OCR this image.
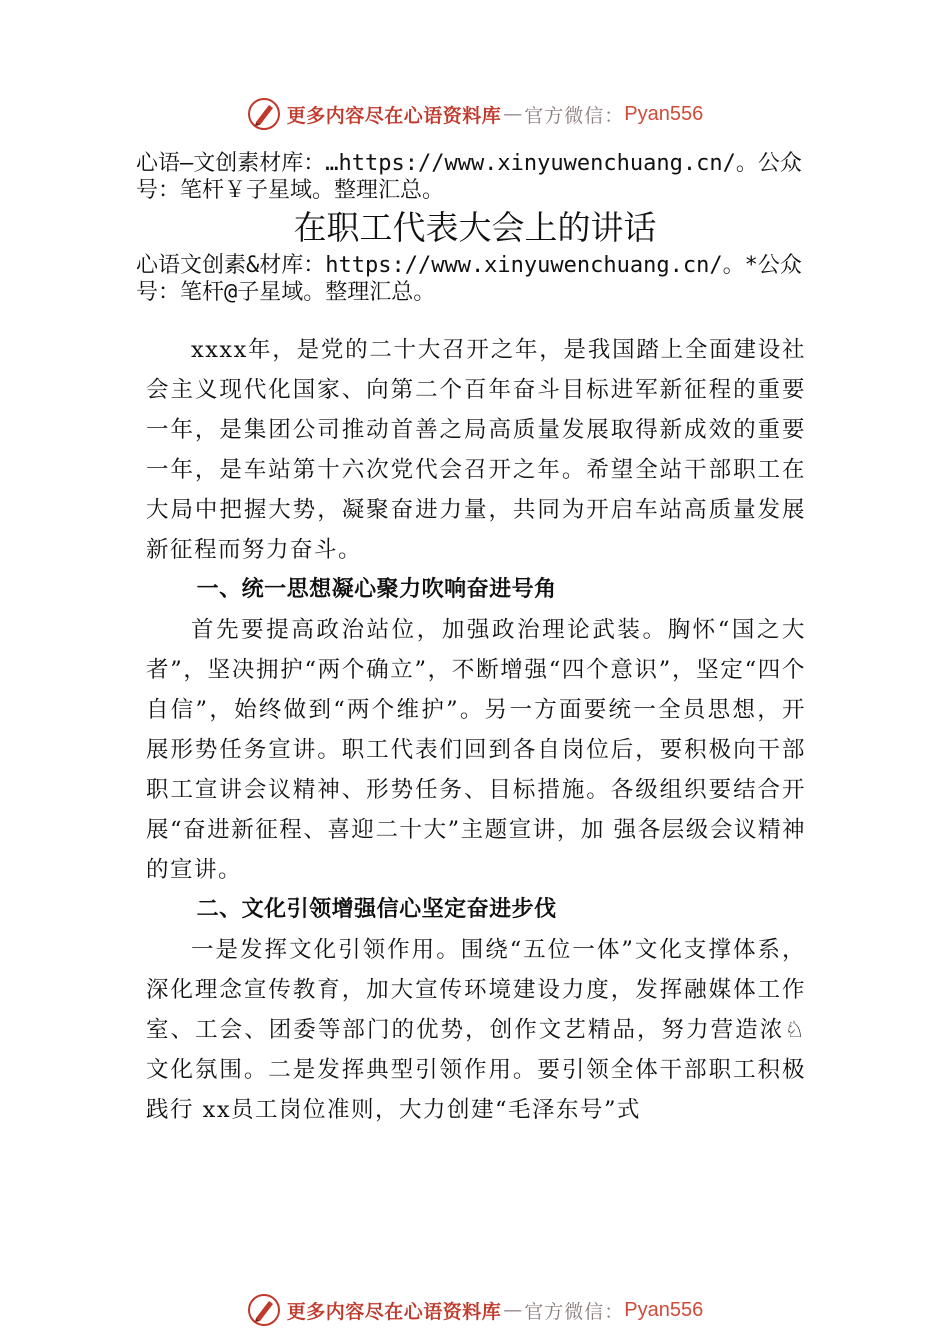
更多内容尽在心语资料库 — 官方微信： Pyan556
心语—文创素材库：…https://www.xinyuwenchuang.cn/。公众号：笔杆￥子星域。整理汇总。
在职工代表大会上的讲话
心语文创素&材库：https://www.xinyuwenchuang.cn/。*公众号：笔杆@子星域。整理汇总。

xxxx年，是党的二十大召开之年，是我国踏上全面建设社会主义现代化国家、向第二个百年奋斗目标进军新征程的重要一年，是集团公司推动首善之局高质量发展取得新成效的重要一年，是车站第十六次党代会召开之年。希望全站干部职工在大局中把握大势，凝聚奋进力量，共同为开启车站高质量发展新征程而努力奋斗。

一、统一思想凝心聚力吹响奋进号角

首先要提高政治站位，加强政治理论武装。胸怀“国之大者”，坚决拥护“两个确立”，不断增强“四个意识”，坚定“四个自信”，始终做到“两个维护”。另一方面要统一全员思想，开展形势任务宣讲。职工代表们回到各自岗位后，要积极向干部职工宣讲会议精神、形势任务、目标措施。各级组织要结合开展“奋进新征程、喜迎二十大”主题宣讲，加 强各层级会议精神的宣讲。

二、文化引领增强信心坚定奋进步伐

一是发挥文化引领作用。围绕“五位一体”文化支撑体系，深化理念宣传教育，加大宣传环境建设力度，发挥融媒体工作室、工会、团委等部门的优势，创作文艺精品，努力营造浓♘文化氛围。二是发挥典型引领作用。要引领全体干部职工积极践行 xx员工岗位准则，大力创建“毛泽东号”式

更多内容尽在心语资料库 — 官方微信： Pyan556
